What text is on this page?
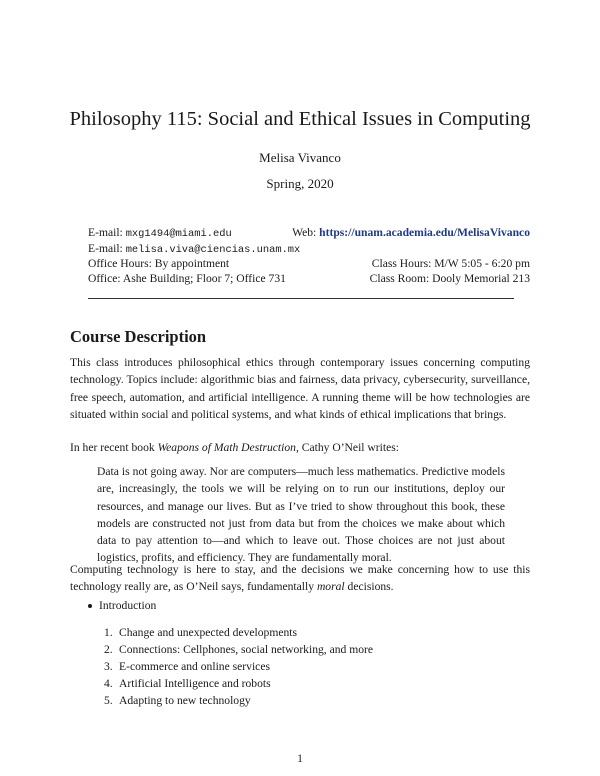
Philosophy 115: Social and Ethical Issues in Computing
Melisa Vivanco
Spring, 2020
E-mail: mxg1494@miami.edu	Web: https://unam.academia.edu/MelisaVivanco
E-mail: melisa.viva@ciencias.unam.mx
Office Hours: By appointment	Class Hours: M/W 5:05 - 6:20 pm
Office: Ashe Building; Floor 7; Office 731	Class Room: Dooly Memorial 213
Course Description
This class introduces philosophical ethics through contemporary issues concerning computing technology. Topics include: algorithmic bias and fairness, data privacy, cybersecurity, surveillance, free speech, automation, and artificial intelligence. A running theme will be how technologies are situated within social and political systems, and what kinds of ethical implications that brings.
In her recent book Weapons of Math Destruction, Cathy O’Neil writes:
Data is not going away. Nor are computers—much less mathematics. Predictive models are, increasingly, the tools we will be relying on to run our institutions, deploy our resources, and manage our lives. But as I’ve tried to show throughout this book, these models are constructed not just from data but from the choices we make about which data to pay attention to—and which to leave out. Those choices are not just about logistics, profits, and efficiency. They are fundamentally moral.
Computing technology is here to stay, and the decisions we make concerning how to use this technology really are, as O’Neil says, fundamentally moral decisions.
Introduction
1. Change and unexpected developments
2. Connections: Cellphones, social networking, and more
3. E-commerce and online services
4. Artificial Intelligence and robots
5. Adapting to new technology
1
